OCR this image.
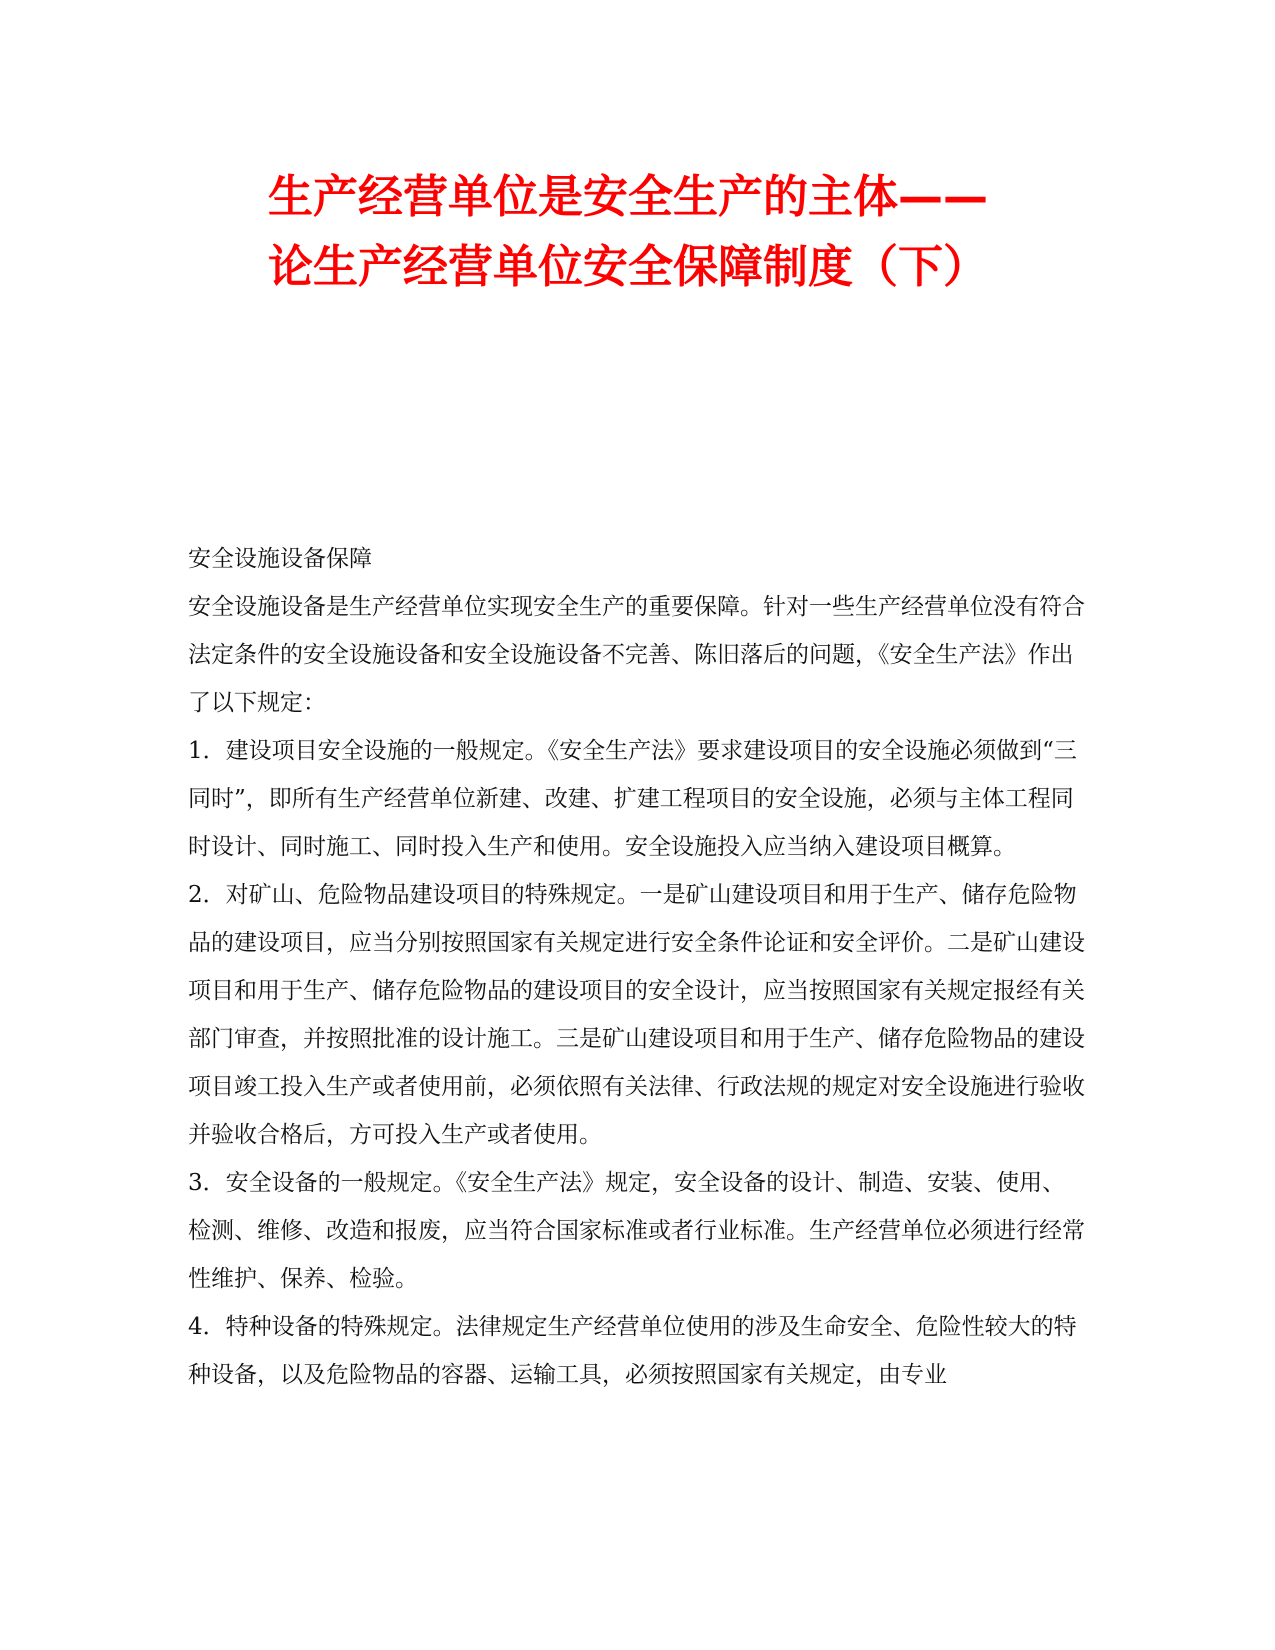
生产经营单位是安全生产的主体——
论生产经营单位安全保障制度（下）

安全设施设备保障

安全设施设备是生产经营单位实现安全生产的重要保障。针对一些生产经营单位没有符合法定条件的安全设施设备和安全设施设备不完善、陈旧落后的问题，《安全生产法》作出了以下规定：

1．建设项目安全设施的一般规定。《安全生产法》要求建设项目的安全设施必须做到“三同时”，即所有生产经营单位新建、改建、扩建工程项目的安全设施，必须与主体工程同时设计、同时施工、同时投入生产和使用。安全设施投入应当纳入建设项目概算。

2．对矿山、危险物品建设项目的特殊规定。一是矿山建设项目和用于生产、储存危险物品的建设项目，应当分别按照国家有关规定进行安全条件论证和安全评价。二是矿山建设项目和用于生产、储存危险物品的建设项目的安全设计，应当按照国家有关规定报经有关部门审查，并按照批准的设计施工。三是矿山建设项目和用于生产、储存危险物品的建设项目竣工投入生产或者使用前，必须依照有关法律、行政法规的规定对安全设施进行验收并验收合格后，方可投入生产或者使用。

3．安全设备的一般规定。《安全生产法》规定，安全设备的设计、制造、安装、使用、检测、维修、改造和报废，应当符合国家标准或者行业标准。生产经营单位必须进行经常性维护、保养、检验。

4．特种设备的特殊规定。法律规定生产经营单位使用的涉及生命安全、危险性较大的特种设备，以及危险物品的容器、运输工具，必须按照国家有关规定，由专业
